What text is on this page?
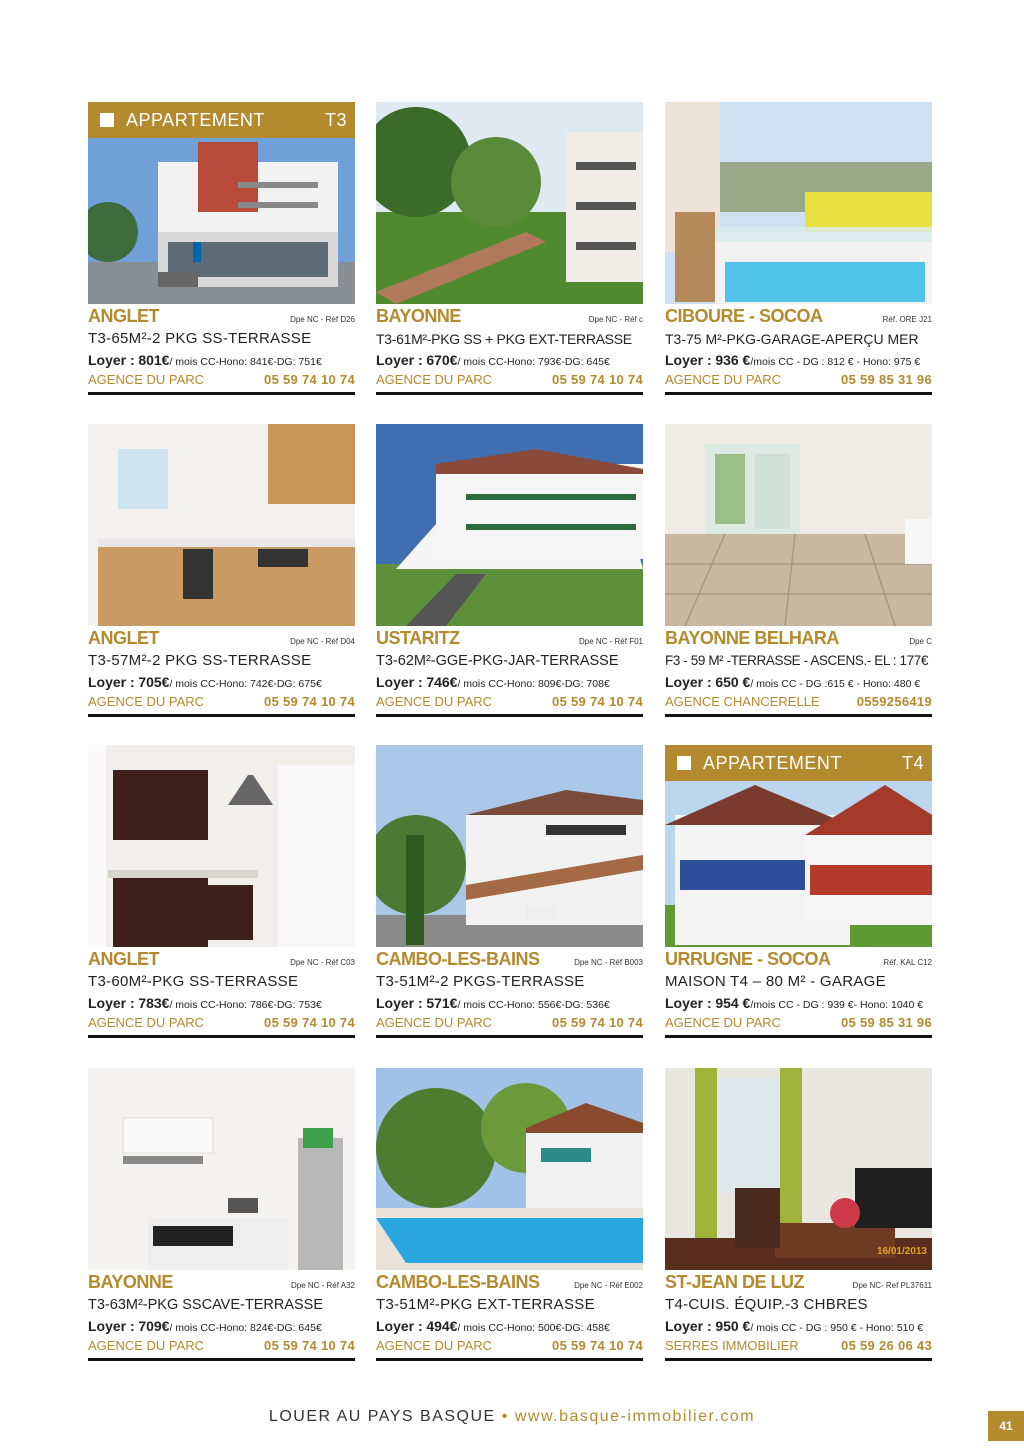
APPARTEMENT	T3
ANGLET	Dpe NC - Réf D26
T3-65M²-2 PKG SS-TERRASSE
Loyer : 801€/ mois CC-Hono: 841€-DG: 751€
AGENCE DU PARC	05 59 74 10 74
BAYONNE	Dpe NC - Réf c
T3-61M²-PKG SS + PKG EXT-TERRASSE
Loyer : 670€/ mois CC-Hono: 793€-DG: 645€
AGENCE DU PARC	05 59 74 10 74
CIBOURE - SOCOA	Réf. ORE J21
T3-75 M²-PKG-GARAGE-APERÇU MER
Loyer : 936 €/mois CC - DG : 812 € - Hono: 975 €
AGENCE DU PARC	05 59 85 31 96
ANGLET	Dpe NC - Réf D04
T3-57M²-2 PKG SS-TERRASSE
Loyer : 705€/ mois CC-Hono: 742€-DG: 675€
AGENCE DU PARC	05 59 74 10 74
USTARITZ	Dpe NC - Réf F01
T3-62M²-GGE-PKG-JAR-TERRASSE
Loyer : 746€/ mois CC-Hono: 809€-DG: 708€
AGENCE DU PARC	05 59 74 10 74
BAYONNE BELHARA	Dpe C
F3 - 59 M² -TERRASSE - ASCENS.- EL : 177€
Loyer : 650 €/ mois CC - DG :615 € - Hono: 480 €
AGENCE CHANCERELLE	0559256419
ANGLET	Dpe NC - Réf C03
T3-60M²-PKG SS-TERRASSE
Loyer : 783€/ mois CC-Hono: 786€-DG: 753€
AGENCE DU PARC	05 59 74 10 74
CAMBO-LES-BAINS	Dpe NC - Réf B003
T3-51M²-2 PKGS-TERRASSE
Loyer : 571€/ mois CC-Hono: 556€-DG: 536€
AGENCE DU PARC	05 59 74 10 74
APPARTEMENT	T4
URRUGNE - SOCOA	Réf. KAL C12
MAISON T4 – 80 M² - GARAGE
Loyer : 954 €/mois CC - DG : 939 €- Hono: 1040 €
AGENCE DU PARC	05 59 85 31 96
BAYONNE	Dpe NC - Réf A32
T3-63M²-PKG SSCAVE-TERRASSE
Loyer : 709€/ mois CC-Hono: 824€-DG: 645€
AGENCE DU PARC	05 59 74 10 74
CAMBO-LES-BAINS	Dpe NC - Réf E002
T3-51M²-PKG EXT-TERRASSE
Loyer : 494€/ mois CC-Hono: 500€-DG: 458€
AGENCE DU PARC	05 59 74 10 74
16/01/2013
ST-JEAN DE LUZ	Dpe NC- Ref PL37611
T4-CUIS. ÉQUIP.-3 CHBRES
Loyer : 950 €/ mois CC - DG : 950 € - Hono: 510 €
SERRES IMMOBILIER	05 59 26 06 43
LOUER AU PAYS BASQUE • www.basque-immobilier.com
41
